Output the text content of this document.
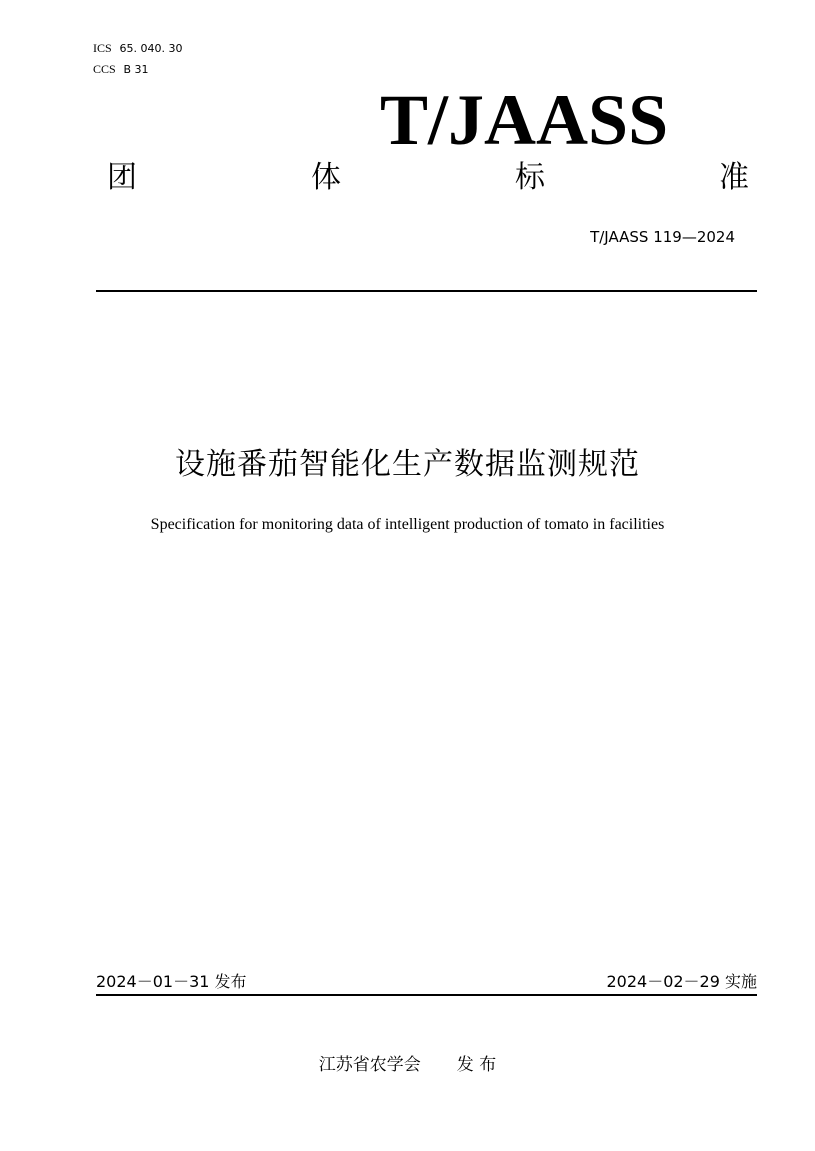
ICS 65. 040. 30
CCS B 31
T/JAASS
团	体	标	准
T/JAASS 119—2024
设施番茄智能化生产数据监测规范
Specification for monitoring data of intelligent production of tomato in facilities
2024－01－31 发布	2024－02－29 实施
江苏省农学会 发 布
